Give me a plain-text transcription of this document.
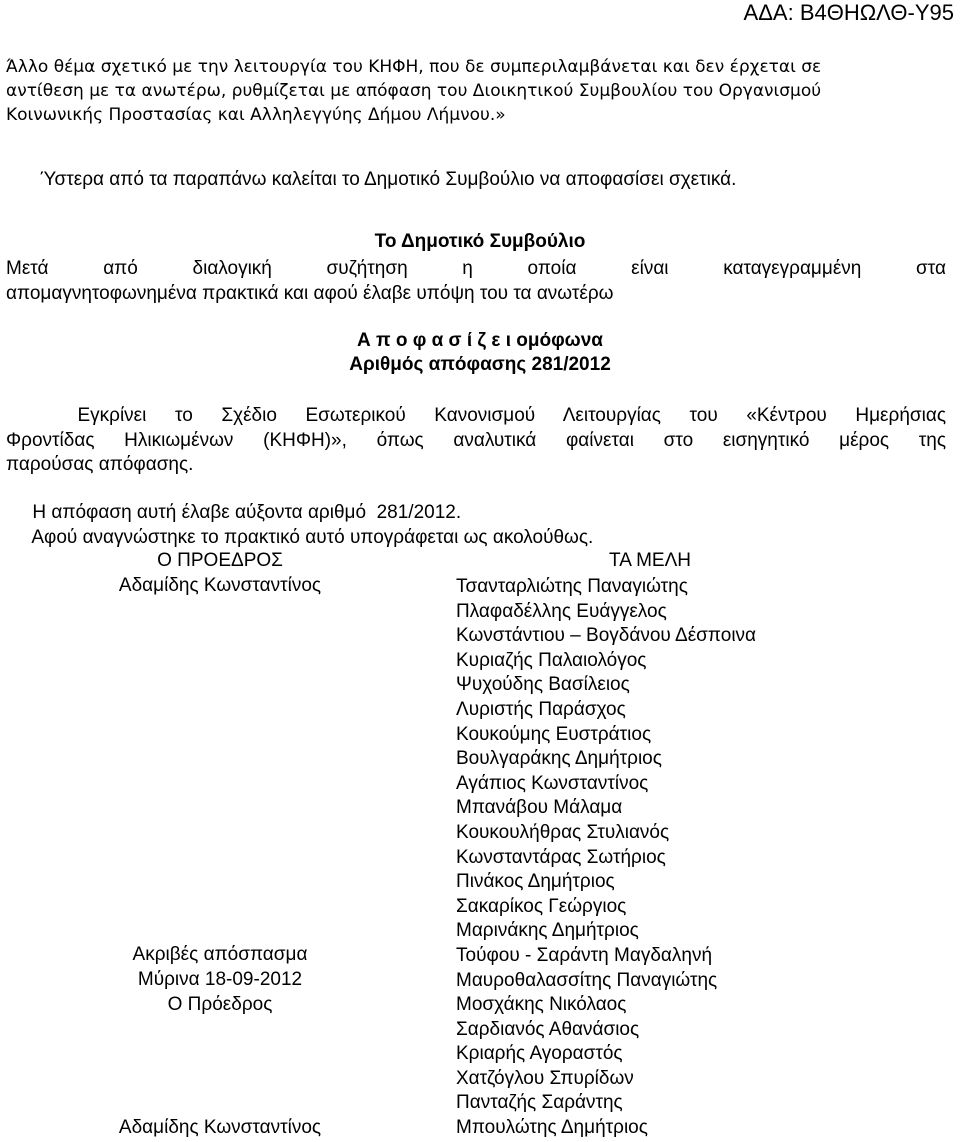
ΑΔΑ: Β4ΘΗΩΛΘ-Υ95
Άλλο θέμα σχετικό με την λειτουργία του ΚΗΦΗ, που δε συμπεριλαμβάνεται και δεν έρχεται σε
αντίθεση με τα ανωτέρω, ρυθμίζεται με απόφαση του Διοικητικού Συμβουλίου του Οργανισμού
Κοινωνικής Προστασίας και Αλληλεγγύης Δήμου Λήμνου.»
Ύστερα από τα παραπάνω καλείται το Δημοτικό Συμβούλιο να αποφασίσει σχετικά.
Το Δημοτικό Συμβούλιο
Μετά από διαλογική συζήτηση η οποία είναι καταγεγραμμένη στα
απομαγνητοφωνημένα πρακτικά και αφού έλαβε υπόψη του τα ανωτέρω
Α π ο φ α σ ί ζ ε ι ομόφωνα
Αριθμός απόφασης 281/2012
Εγκρίνει  το  Σχέδιο  Εσωτερικού  Κανονισμού  Λειτουργίας  του  «Κέντρου  Ημερήσιας
Φροντίδας  Ηλικιωμένων  (ΚΗΦΗ)»,  όπως  αναλυτικά  φαίνεται  στο  εισηγητικό  μέρος  της
παρούσας απόφασης.
Η απόφαση αυτή έλαβε αύξοντα αριθμό  281/2012.
Αφού αναγνώστηκε το πρακτικό αυτό υπογράφεται ως ακολούθως.
Ο ΠΡΟΕΔΡΟΣ
Αδαμίδης Κωνσταντίνος
Ακριβές απόσπασμα
Μύρινα 18-09-2012
Ο Πρόεδρος
Αδαμίδης Κωνσταντίνος
ΤΑ ΜΕΛΗ
Τσανταρλιώτης Παναγιώτης
Πλαφαδέλλης Ευάγγελος
Κωνστάντιου – Βογδάνου Δέσποινα
Κυριαζής Παλαιολόγος
Ψυχούδης Βασίλειος
Λυριστής Παράσχος
Κουκούμης Ευστράτιος
Βουλγαράκης Δημήτριος
Αγάπιος Κωνσταντίνος
Μπανάβου Μάλαμα
Κουκουλήθρας Στυλιανός
Κωνσταντάρας Σωτήριος
Πινάκος Δημήτριος
Σακαρίκος Γεώργιος
Μαρινάκης Δημήτριος
Τούφου - Σαράντη Μαγδαληνή
Μαυροθαλασσίτης Παναγιώτης
Μοσχάκης Νικόλαος
Σαρδιανός Αθανάσιος
Κριαρής Αγοραστός
Χατζόγλου Σπυρίδων
Πανταζής Σαράντης
Μπουλώτης Δημήτριος
